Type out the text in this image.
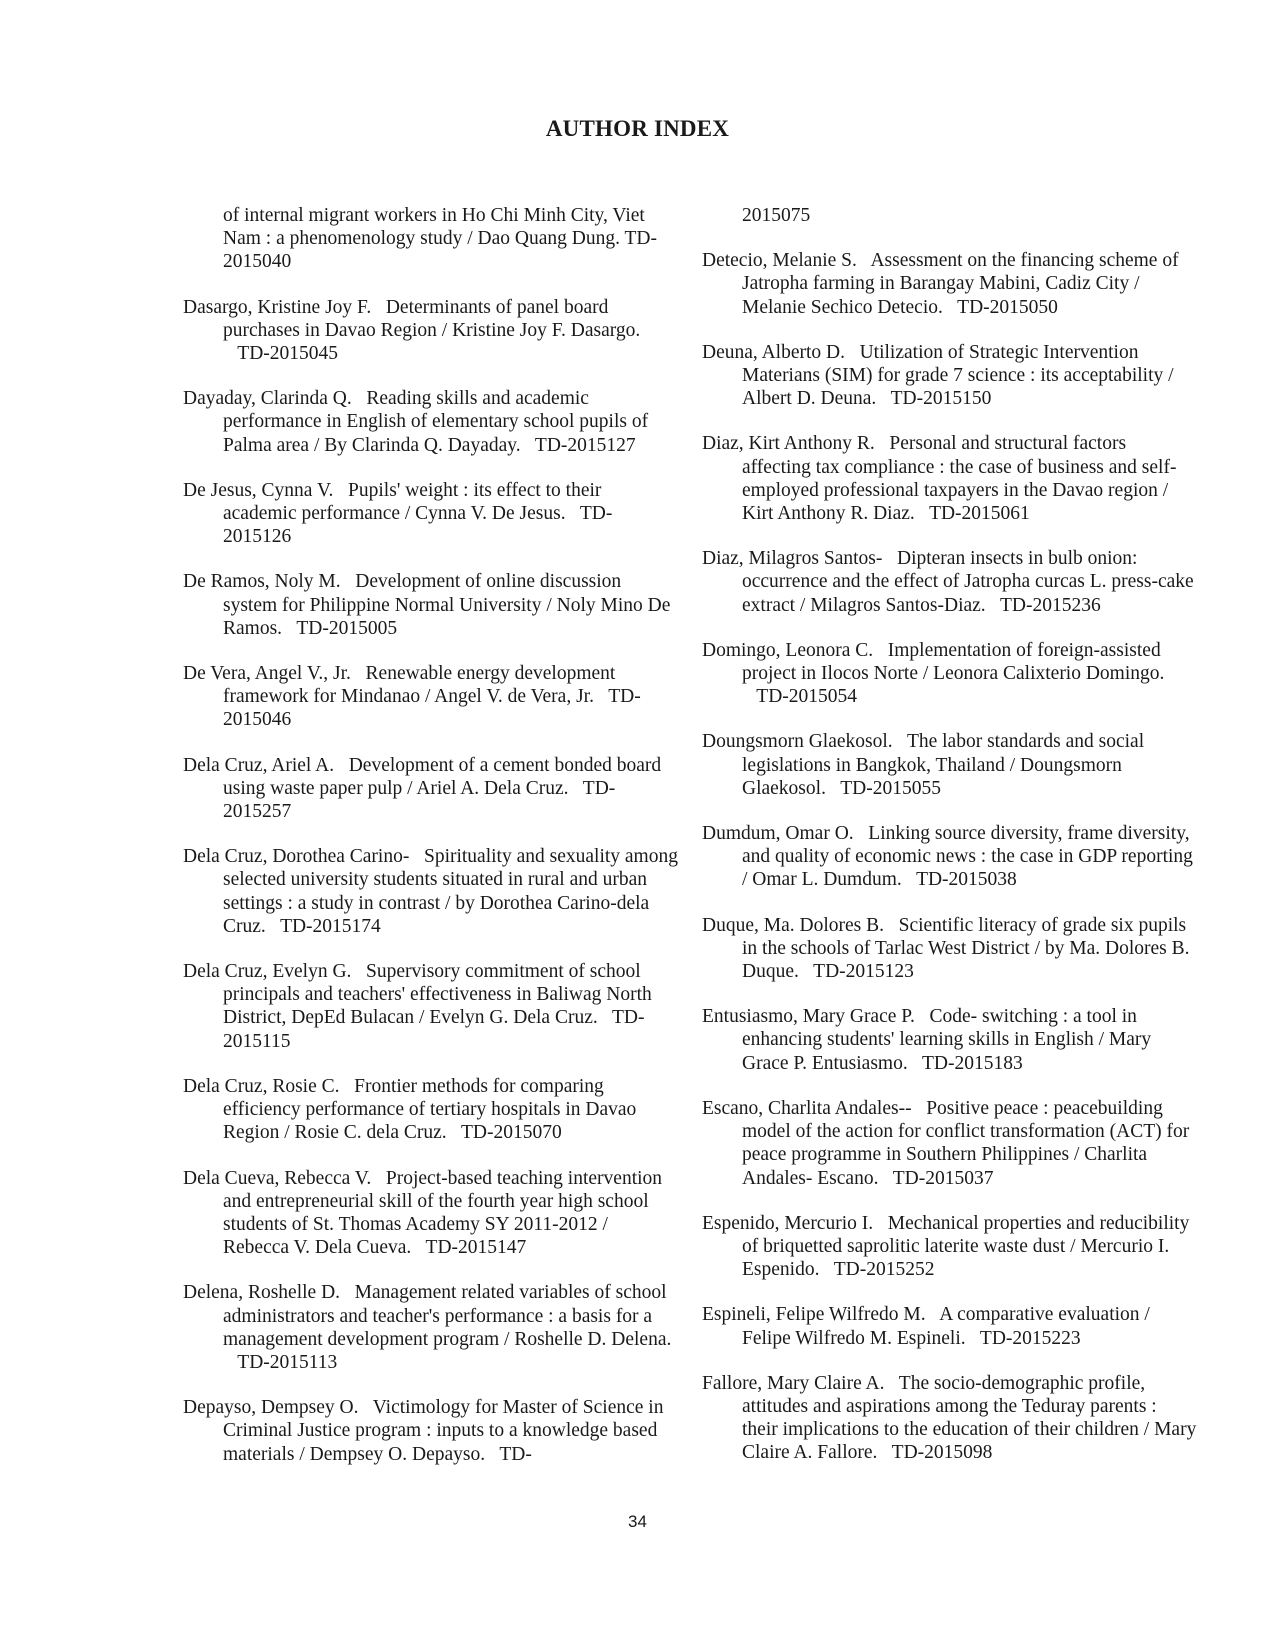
AUTHOR INDEX

of internal migrant workers in Ho Chi Minh City, Viet Nam : a phenomenology study / Dao Quang Dung. TD-2015040

Dasargo, Kristine Joy F. Determinants of panel board purchases in Davao Region / Kristine Joy F. Dasargo.   TD-2015045

Dayaday, Clarinda Q. Reading skills and academic performance in English of elementary school pupils of Palma area / By Clarinda Q. Dayaday. TD-2015127

De Jesus, Cynna V. Pupils' weight : its effect to their academic performance / Cynna V. De Jesus. TD-2015126

De Ramos, Noly M. Development of online discussion system for Philippine Normal University / Noly Mino De Ramos. TD-2015005

De Vera, Angel V., Jr. Renewable energy development framework for Mindanao / Angel V. de Vera, Jr. TD-2015046

Dela Cruz, Ariel A. Development of a cement bonded board using waste paper pulp / Ariel A. Dela Cruz. TD-2015257

Dela Cruz, Dorothea Carino- Spirituality and sexuality among selected university students situated in rural and urban settings : a study in contrast / by Dorothea Carino-dela Cruz. TD-2015174

Dela Cruz, Evelyn G. Supervisory commitment of school principals and teachers' effectiveness in Baliwag North District, DepEd Bulacan / Evelyn G. Dela Cruz. TD-2015115

Dela Cruz, Rosie C. Frontier methods for comparing efficiency performance of tertiary hospitals in Davao Region / Rosie C. dela Cruz. TD-2015070

Dela Cueva, Rebecca V. Project-based teaching intervention and entrepreneurial skill of the fourth year high school students of St. Thomas Academy SY 2011-2012 / Rebecca V. Dela Cueva. TD-2015147

Delena, Roshelle D. Management related variables of school administrators and teacher's performance : a basis for a management development program / Roshelle D. Delena.   TD-2015113

Depayso, Dempsey O. Victimology for Master of Science in Criminal Justice program : inputs to a knowledge based materials / Dempsey O. Depayso. TD-

2015075

Detecio, Melanie S. Assessment on the financing scheme of Jatropha farming in Barangay Mabini, Cadiz City / Melanie Sechico Detecio. TD-2015050

Deuna, Alberto D. Utilization of Strategic Intervention Materians (SIM) for grade 7 science : its acceptability / Albert D. Deuna. TD-2015150

Diaz, Kirt Anthony R. Personal and structural factors affecting tax compliance : the case of business and self-employed professional taxpayers in the Davao region / Kirt Anthony R. Diaz. TD-2015061

Diaz, Milagros Santos- Dipteran insects in bulb onion: occurrence and the effect of Jatropha curcas L. press-cake extract / Milagros Santos-Diaz. TD-2015236

Domingo, Leonora C. Implementation of foreign-assisted project in Ilocos Norte / Leonora Calixterio Domingo.   TD-2015054

Doungsmorn Glaekosol. The labor standards and social legislations in Bangkok, Thailand / Doungsmorn Glaekosol. TD-2015055

Dumdum, Omar O. Linking source diversity, frame diversity, and quality of economic news : the case in GDP reporting / Omar L. Dumdum. TD-2015038

Duque, Ma. Dolores B. Scientific literacy of grade six pupils in the schools of Tarlac West District / by Ma. Dolores B. Duque. TD-2015123

Entusiasmo, Mary Grace P. Code- switching : a tool in enhancing students' learning skills in English / Mary Grace P. Entusiasmo. TD-2015183

Escano, Charlita Andales-- Positive peace : peacebuilding model of the action for conflict transformation (ACT) for peace programme in Southern Philippines / Charlita Andales- Escano. TD-2015037

Espenido, Mercurio I. Mechanical properties and reducibility of briquetted saprolitic laterite waste dust / Mercurio I. Espenido. TD-2015252

Espineli, Felipe Wilfredo M. A comparative evaluation / Felipe Wilfredo M. Espineli. TD-2015223

Fallore, Mary Claire A. The socio-demographic profile, attitudes and aspirations among the Teduray parents : their implications to the education of their children / Mary Claire A. Fallore. TD-2015098

34
